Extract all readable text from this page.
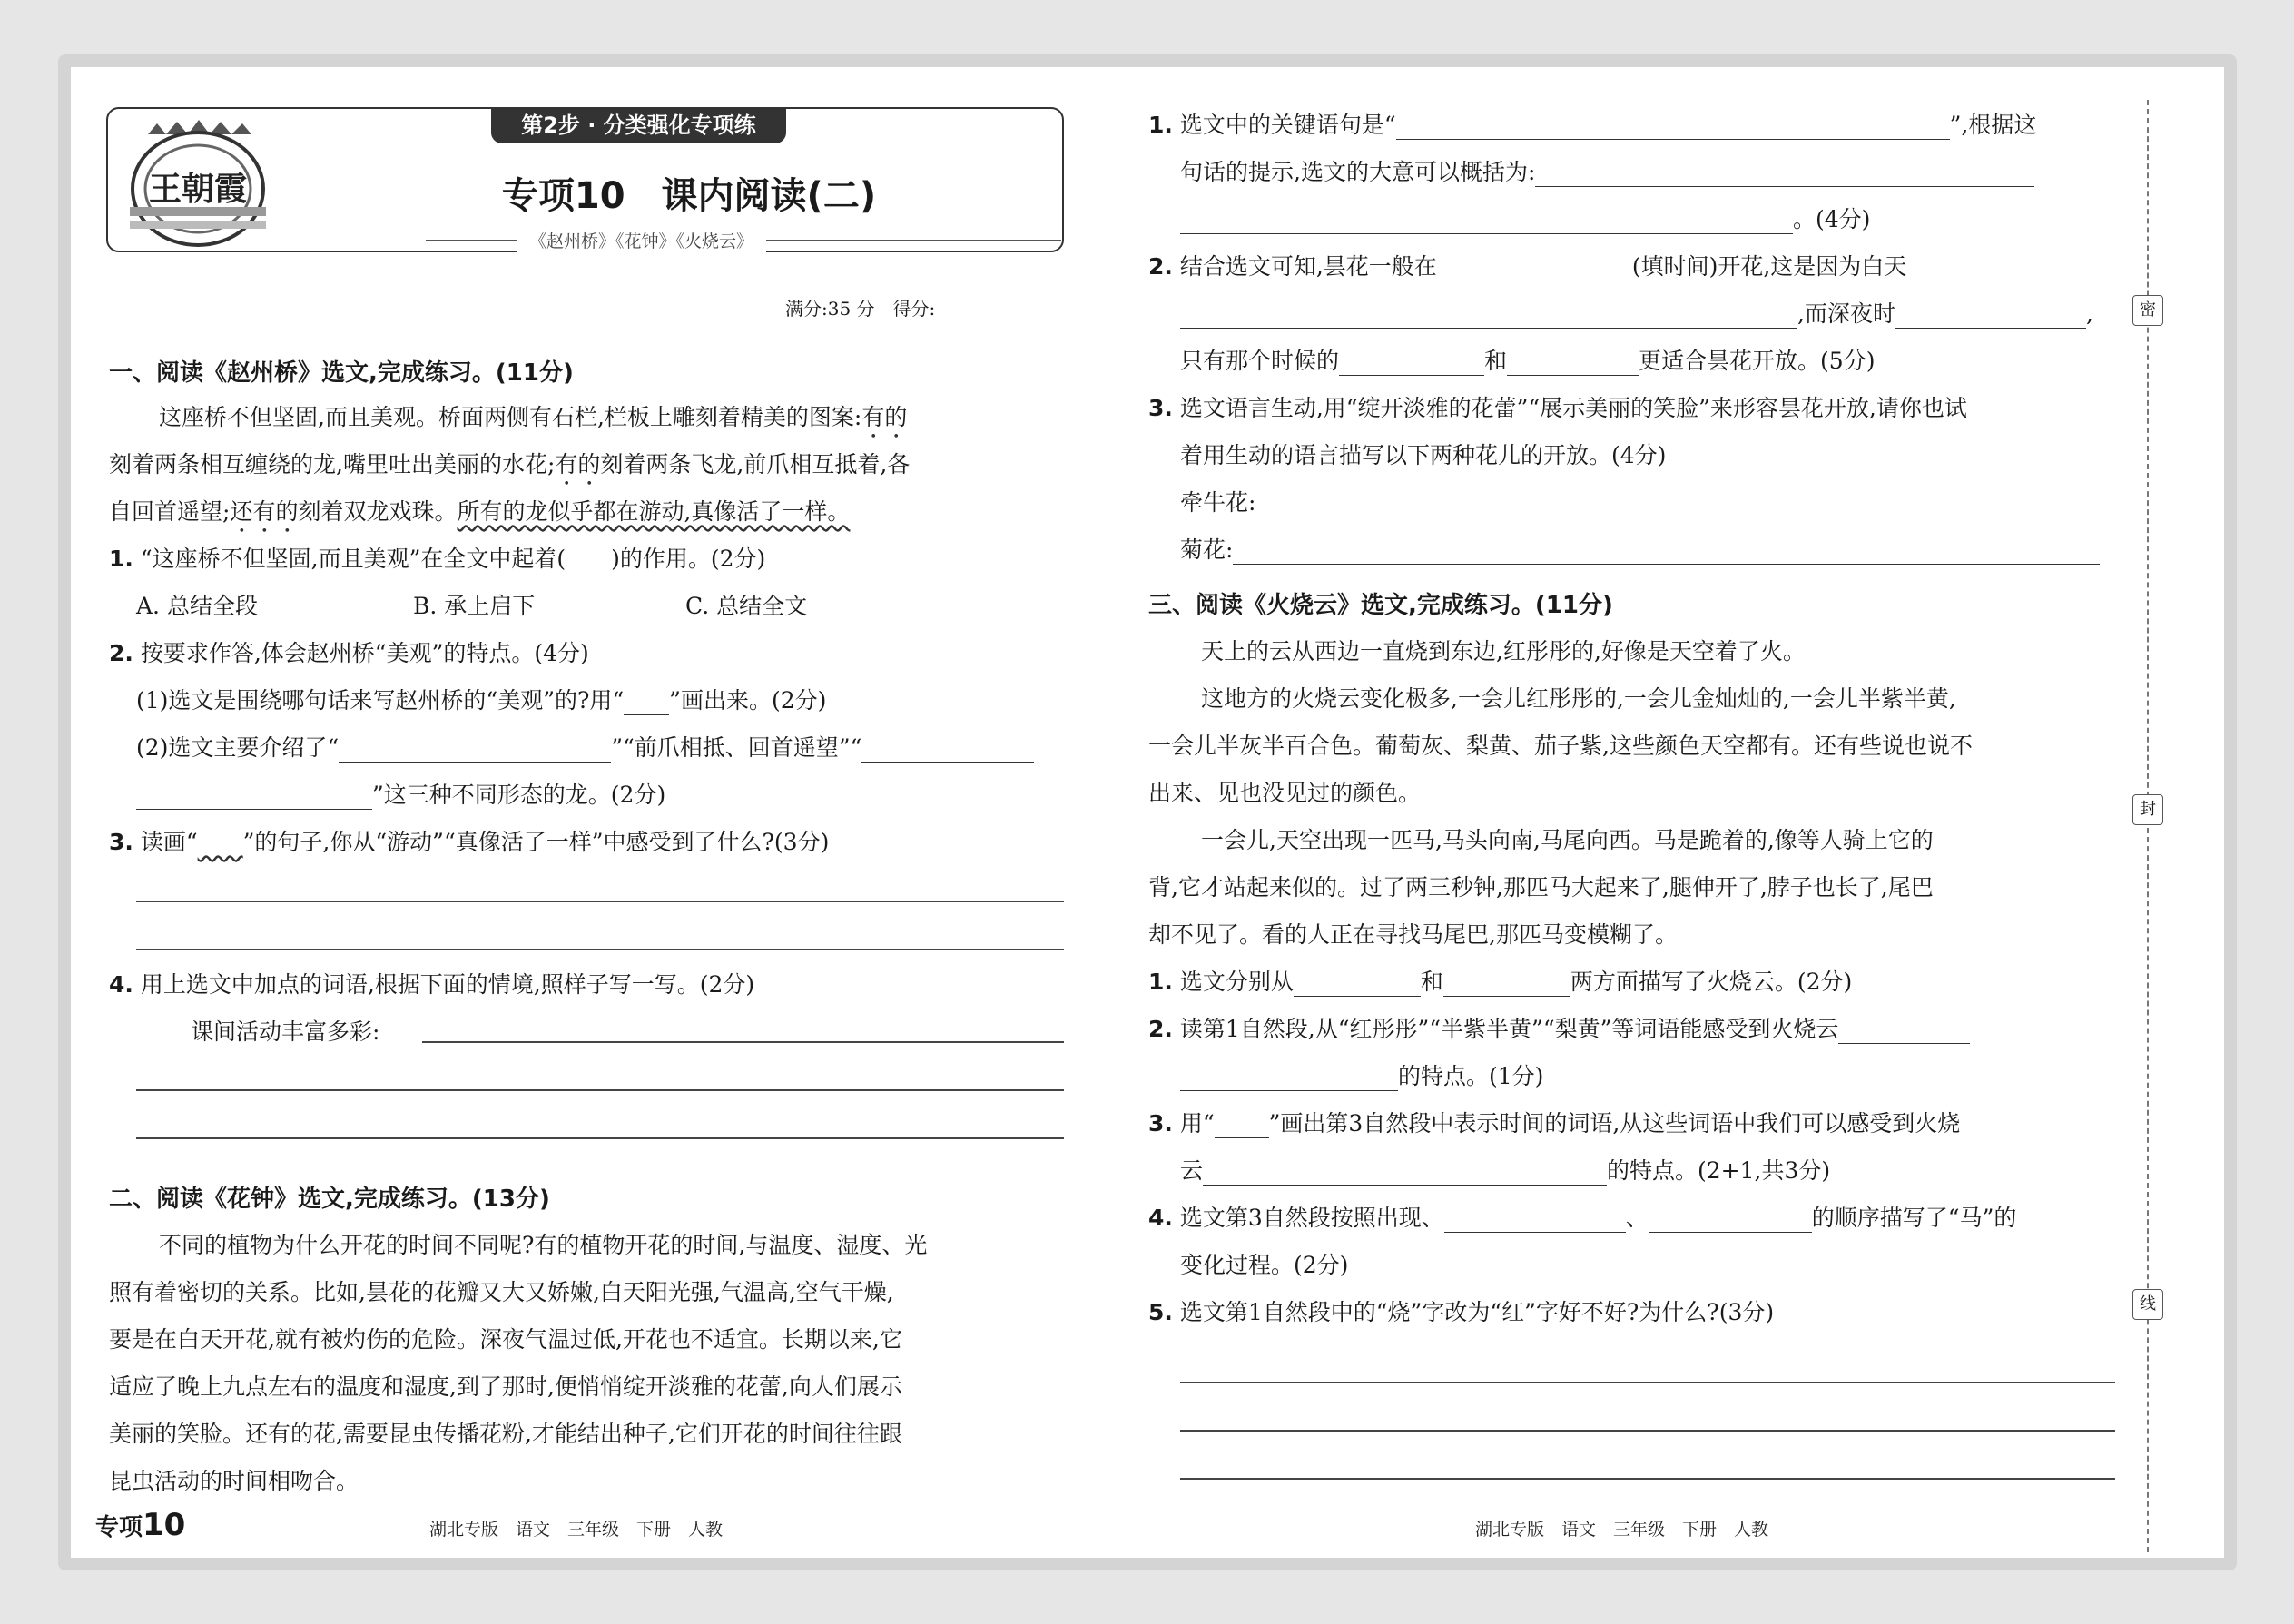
王朝霞
第2步 · 分类强化专项练
专项10　课内阅读(二)
《赵州桥》《花钟》《火烧云》
满分:35 分　 得分:
一、阅读《赵州桥》选文,完成练习。(11分)
这座桥不但坚固,而且美观。桥面两侧有石栏,栏板上雕刻着精美的图案:有的
刻着两条相互缠绕的龙,嘴里吐出美丽的水花;有的刻着两条飞龙,前爪相互抵着,各
自回首遥望;还有的刻着双龙戏珠。所有的龙似乎都在游动,真像活了一样。
1. “这座桥不但坚固,而且美观”在全文中起着(　　)的作用。(2分)
A. 总结全段	B. 承上启下	C. 总结全文
2. 按要求作答,体会赵州桥“美观”的特点。(4分)
(1)选文是围绕哪句话来写赵州桥的“美观”的?用“ ”画出来。(2分)
(2)选文主要介绍了“	”“前爪相抵、回首遥望”“
”这三种不同形态的龙。(2分)
3. 读画“　　 ”的句子,你从“游动”“真像活了一样”中感受到了什么?(3分)
4. 用上选文中加点的词语,根据下面的情境,照样子写一写。(2分)
课间活动丰富多彩:
二、阅读《花钟》选文,完成练习。(13分)
不同的植物为什么开花的时间不同呢?有的植物开花的时间,与温度、湿度、光
照有着密切的关系。比如,昙花的花瓣又大又娇嫩,白天阳光强,气温高,空气干燥,
要是在白天开花,就有被灼伤的危险。深夜气温过低,开花也不适宜。长期以来,它
适应了晚上九点左右的温度和湿度,到了那时,便悄悄绽开淡雅的花蕾,向人们展示
美丽的笑脸。还有的花,需要昆虫传播花粉,才能结出种子,它们开花的时间往往跟
昆虫活动的时间相吻合。
专项10	湖北专版　语文　三年级　下册　人教
1. 选文中的关键语句是“	”,根据这
句话的提示,选文的大意可以概括为:
。(4分)
2. 结合选文可知,昙花一般在	(填时间)开花,这是因为白天
,而深夜时	,
只有那个时候的	和	更适合昙花开放。(5分)
3. 选文语言生动,用“绽开淡雅的花蕾”“展示美丽的笑脸”来形容昙花开放,请你也试
着用生动的语言描写以下两种花儿的开放。(4分)
牵牛花:
菊花:
三、阅读《火烧云》选文,完成练习。(11分)
天上的云从西边一直烧到东边,红彤彤的,好像是天空着了火。
这地方的火烧云变化极多,一会儿红彤彤的,一会儿金灿灿的,一会儿半紫半黄,
一会儿半灰半百合色。葡萄灰、梨黄、茄子紫,这些颜色天空都有。还有些说也说不
出来、见也没见过的颜色。
一会儿,天空出现一匹马,马头向南,马尾向西。马是跪着的,像等人骑上它的
背,它才站起来似的。过了两三秒钟,那匹马大起来了,腿伸开了,脖子也长了,尾巴
却不见了。看的人正在寻找马尾巴,那匹马变模糊了。
1. 选文分别从	和	两方面描写了火烧云。(2分)
2. 读第1自然段,从“红彤彤”“半紫半黄”“梨黄”等词语能感受到火烧云
的特点。(1分)
3. 用“ ”画出第3自然段中表示时间的词语,从这些词语中我们可以感受到火烧
云	的特点。(2+1,共3分)
4. 选文第3自然段按照出现、	、	的顺序描写了“马”的
变化过程。(2分)
5. 选文第1自然段中的“烧”字改为“红”字好不好?为什么?(3分)
湖北专版　语文　三年级　下册　人教
密
封
线
